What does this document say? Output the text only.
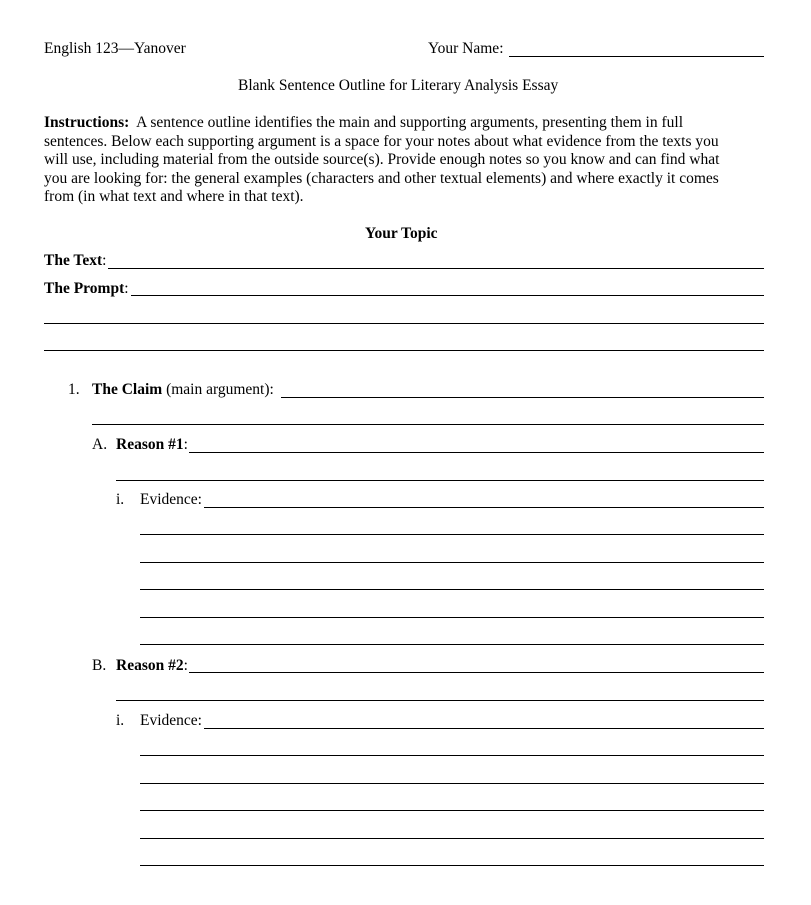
English 123—Yanover	Your Name:
Blank Sentence Outline for Literary Analysis Essay
Instructions: A sentence outline identifies the main and supporting arguments, presenting them in full
sentences. Below each supporting argument is a space for your notes about what evidence from the texts you
will use, including material from the outside source(s). Provide enough notes so you know and can find what
you are looking for: the general examples (characters and other textual elements) and where exactly it comes
from (in what text and where in that text).
Your Topic
The Text:
The Prompt:
1. The Claim (main argument):
A. Reason #1:
i. Evidence:
B. Reason #2:
i. Evidence:
